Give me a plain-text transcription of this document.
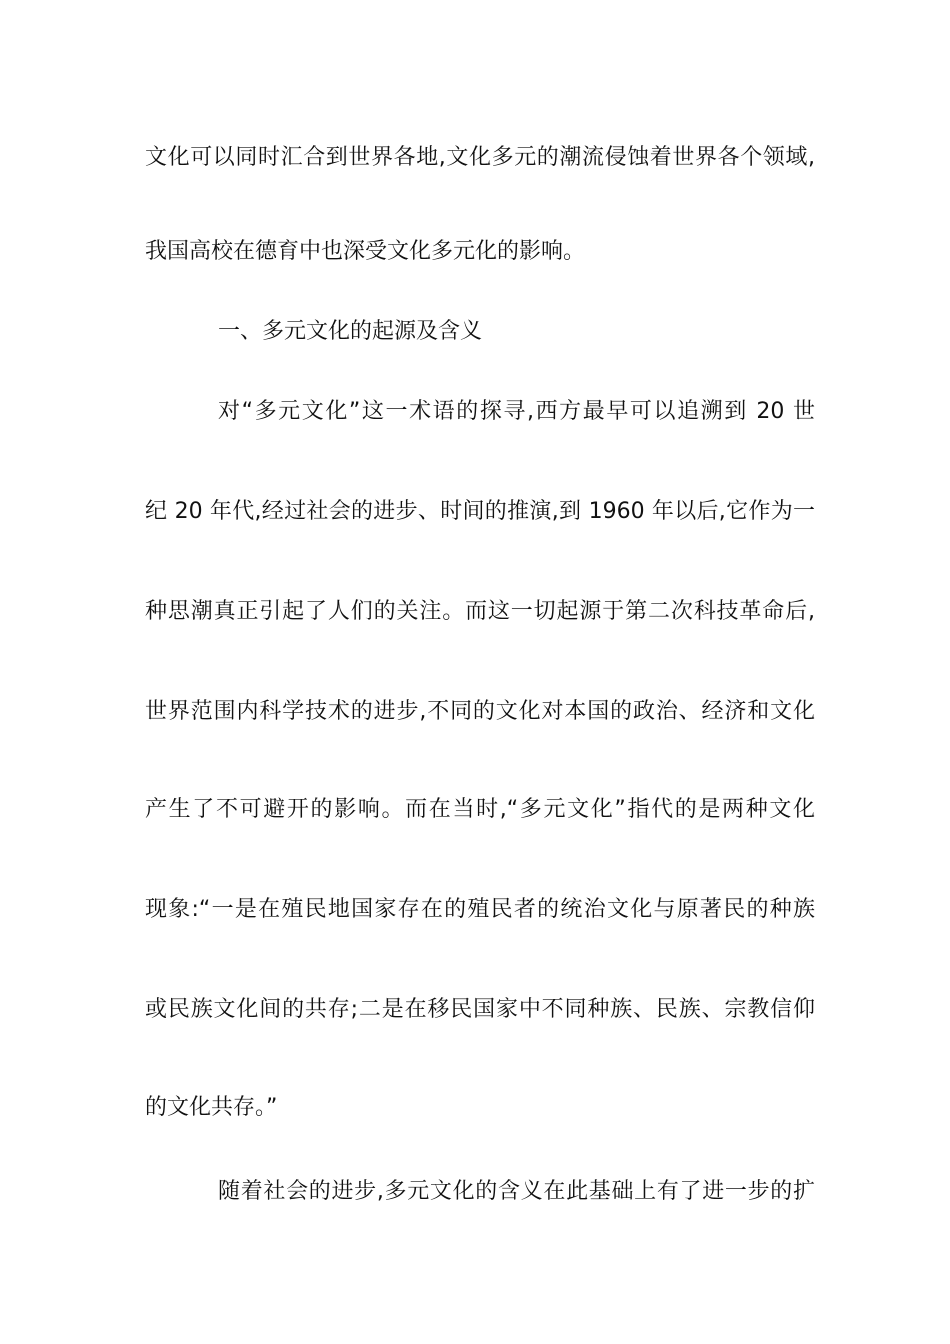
文化可以同时汇合到世界各地,文化多元的潮流侵蚀着世界各个领域,
我国高校在德育中也深受文化多元化的影响。
一、多元文化的起源及含义
对“多元文化”这一术语的探寻,西方最早可以追溯到 20 世
纪 20 年代,经过社会的进步、时间的推演,到 1960 年以后,它作为一
种思潮真正引起了人们的关注。而这一切起源于第二次科技革命后,
世界范围内科学技术的进步,不同的文化对本国的政治、经济和文化
产生了不可避开的影响。而在当时,“多元文化”指代的是两种文化
现象:“一是在殖民地国家存在的殖民者的统治文化与原著民的种族
或民族文化间的共存;二是在移民国家中不同种族、民族、宗教信仰
的文化共存。”
随着社会的进步,多元文化的含义在此基础上有了进一步的扩
